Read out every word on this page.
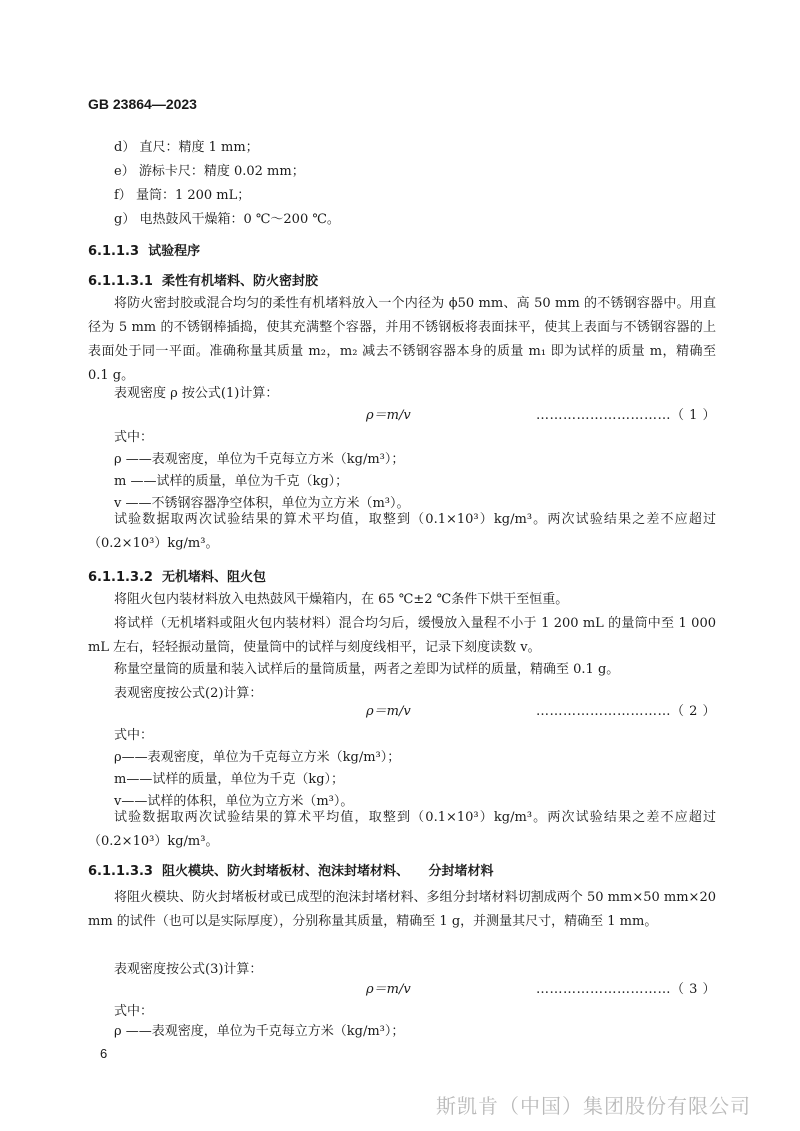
GB 23864—2023
d） 直尺：精度 1 mm；
e） 游标卡尺：精度 0.02 mm；
f） 量筒：1 200 mL；
g） 电热鼓风干燥箱：0 ℃～200 ℃。
6.1.1.3 试验程序
6.1.1.3.1 柔性有机堵料、防火密封胶
将防火密封胶或混合均匀的柔性有机堵料放入一个内径为 ϕ50 mm、高 50 mm 的不锈钢容器中。用直径为 5 mm 的不锈钢棒插捣，使其充满整个容器，并用不锈钢板将表面抹平，使其上表面与不锈钢容器的上表面处于同一平面。准确称量其质量 m₂，m₂ 减去不锈钢容器本身的质量 m₁ 即为试样的质量 m，精确至 0.1 g。
表观密度 ρ 按公式(1)计算：
ρ＝m/v	…………………………（ 1 ）
式中：
ρ ——表观密度，单位为千克每立方米（kg/m³）；
m ——试样的质量，单位为千克（kg）；
v ——不锈钢容器净空体积，单位为立方米（m³）。
试验数据取两次试验结果的算术平均值，取整到（0.1×10³）kg/m³。两次试验结果之差不应超过（0.2×10³）kg/m³。
6.1.1.3.2 无机堵料、阻火包
将阻火包内装材料放入电热鼓风干燥箱内，在 65 ℃±2 ℃条件下烘干至恒重。
将试样（无机堵料或阻火包内装材料）混合均匀后，缓慢放入量程不小于 1 200 mL 的量筒中至 1 000 mL 左右，轻轻振动量筒，使量筒中的试样与刻度线相平，记录下刻度读数 v。
称量空量筒的质量和装入试样后的量筒质量，两者之差即为试样的质量，精确至 0.1 g。
表观密度按公式(2)计算：
ρ＝m/v	…………………………（ 2 ）
式中：
ρ——表观密度，单位为千克每立方米（kg/m³）；
m——试样的质量，单位为千克（kg）；
v——试样的体积，单位为立方米（m³）。
试验数据取两次试验结果的算术平均值，取整到（0.1×10³）kg/m³。两次试验结果之差不应超过（0.2×10³）kg/m³。
6.1.1.3.3 阻火模块、防火封堵板材、泡沫封堵材料、　　分封堵材料
将阻火模块、防火封堵板材或已成型的泡沫封堵材料、多组分封堵材料切割成两个 50 mm×50 mm×20 mm 的试件（也可以是实际厚度），分别称量其质量，精确至 1 g，并测量其尺寸，精确至 1 mm。
表观密度按公式(3)计算：
ρ＝m/v	…………………………（ 3 ）
式中：
ρ ——表观密度，单位为千克每立方米（kg/m³）；
6
斯凯肯（中国）集团股份有限公司
